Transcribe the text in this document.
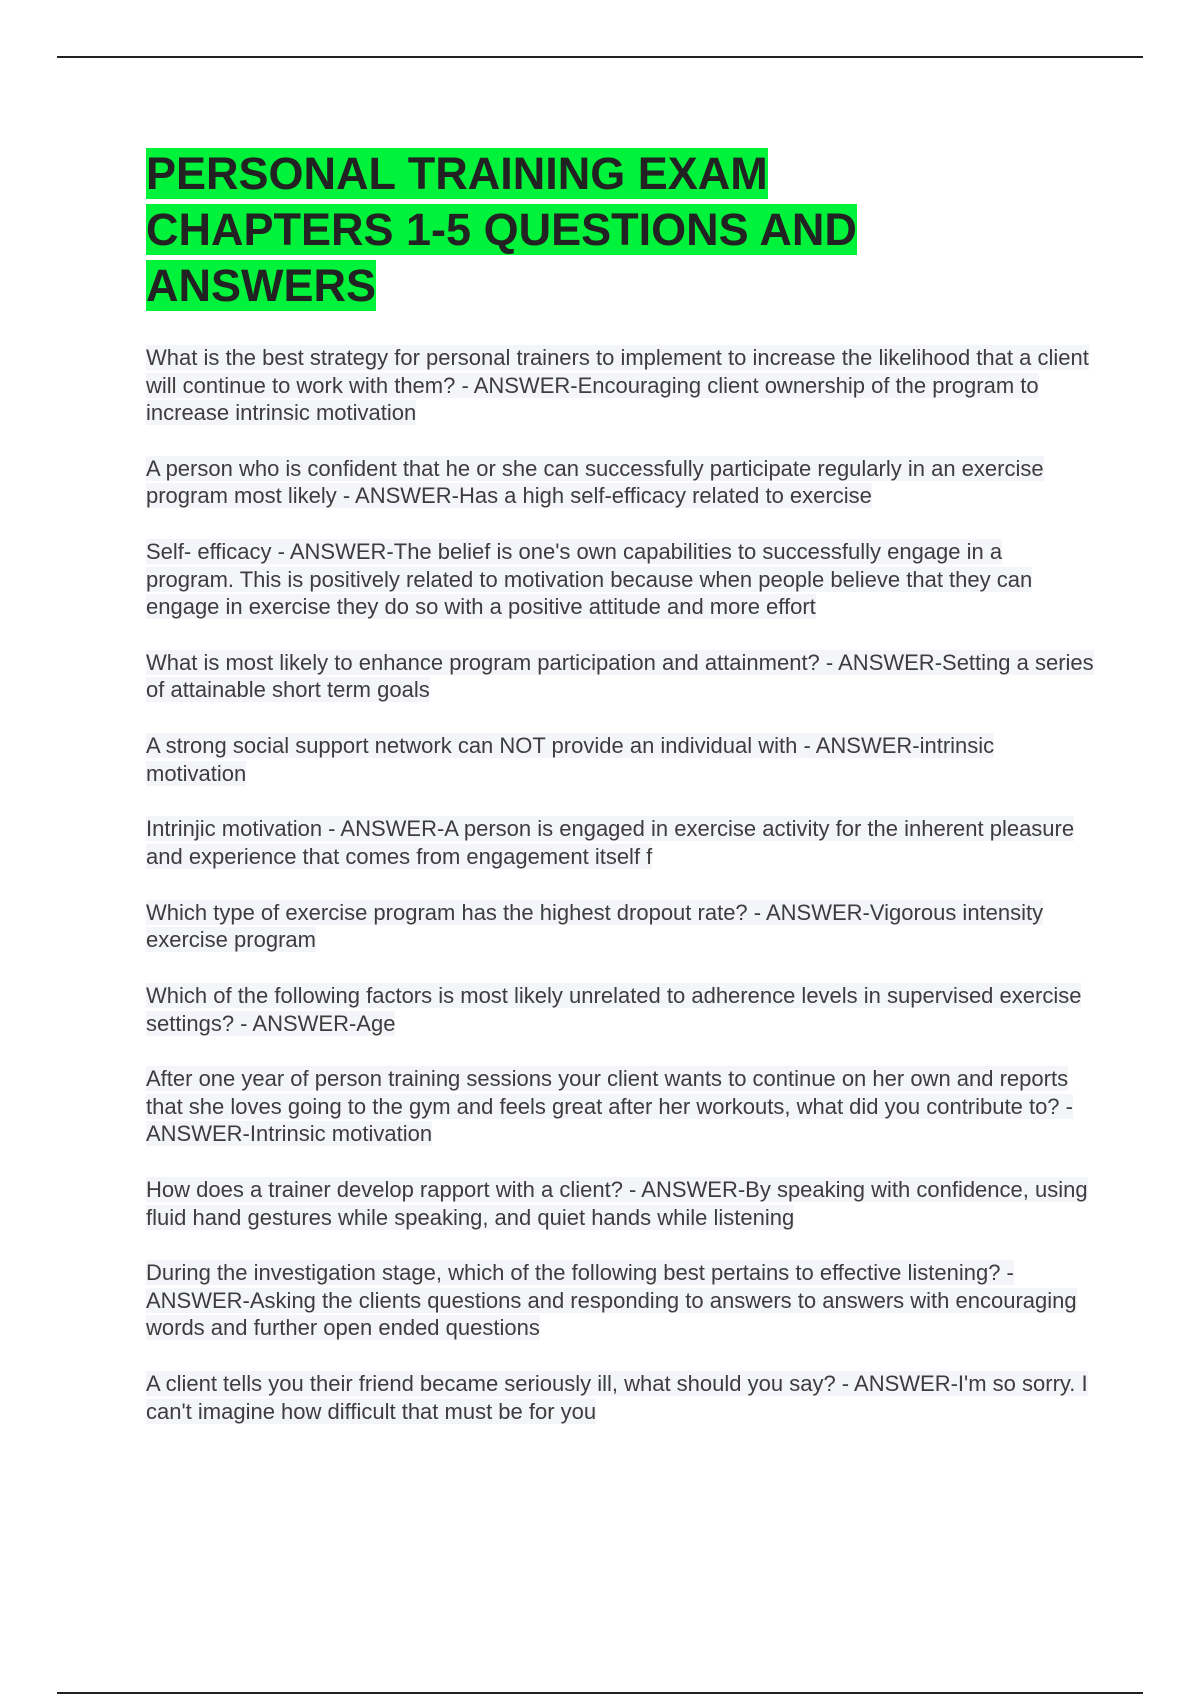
PERSONAL TRAINING EXAM CHAPTERS 1-5 QUESTIONS AND ANSWERS
What is the best strategy for personal trainers to implement to increase the likelihood that a client will continue to work with them? - ANSWER-Encouraging client ownership of the program to increase intrinsic motivation
A person who is confident that he or she can successfully participate regularly in an exercise program most likely - ANSWER-Has a high self-efficacy related to exercise
Self- efficacy - ANSWER-The belief is one's own capabilities to successfully engage in a program. This is positively related to motivation because when people believe that they can engage in exercise they do so with a positive attitude and more effort
What is most likely to enhance program participation and attainment? - ANSWER-Setting a series of attainable short term goals
A strong social support network can NOT provide an individual with - ANSWER-intrinsic motivation
Intrinjic motivation - ANSWER-A person is engaged in exercise activity for the inherent pleasure and experience that comes from engagement itself f
Which type of exercise program has the highest dropout rate? - ANSWER-Vigorous intensity exercise program
Which of the following factors is most likely unrelated to adherence levels in supervised exercise settings? - ANSWER-Age
After one year of person training sessions your client wants to continue on her own and reports that she loves going to the gym and feels great after her workouts, what did you contribute to? - ANSWER-Intrinsic motivation
How does a trainer develop rapport with a client? - ANSWER-By speaking with confidence, using fluid hand gestures while speaking, and quiet hands while listening
During the investigation stage, which of the following best pertains to effective listening? - ANSWER-Asking the clients questions and responding to answers to answers with encouraging words and further open ended questions
A client tells you their friend became seriously ill, what should you say? - ANSWER-I'm so sorry. I can't imagine how difficult that must be for you
